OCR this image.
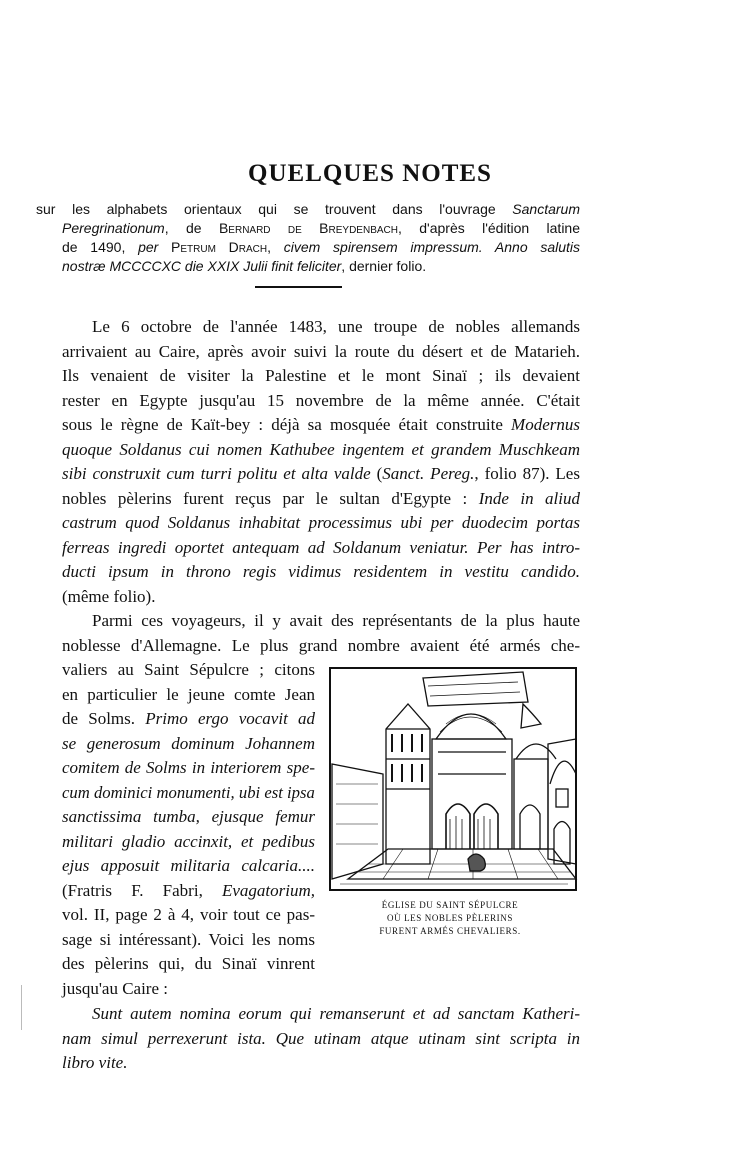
QUELQUES NOTES
sur les alphabets orientaux qui se trouvent dans l'ouvrage Sanctarum
Peregrinationum, de Bernard de Breydenbach, d'après l'édition latine
de 1490, per Petrum Drach, civem spirensem impressum. Anno salutis
nostræ MCCCCXC die XXIX Julii finit feliciter, dernier folio.
Le 6 octobre de l'année 1483, une troupe de nobles allemands
arrivaient au Caire, après avoir suivi la route du désert et de Matarieh.
Ils venaient de visiter la Palestine et le mont Sinaï ; ils devaient
rester en Egypte jusqu'au 15 novembre de la même année. C'était
sous le règne de Kaït-bey : déjà sa mosquée était construite Modernus
quoque Soldanus cui nomen Kathubee ingentem et grandem Muschkeam
sibi construxit cum turri politu et alta valde (Sanct. Pereg., folio 87). Les
nobles pèlerins furent reçus par le sultan d'Egypte : Inde in aliud
castrum quod Soldanus inhabitat processimus ubi per duodecim portas
ferreas ingredi oportet antequam ad Soldanum veniatur. Per has intro-
ducti ipsum in throno regis vidimus residentem in vestitu candido.
(même folio).
Parmi ces voyageurs, il y avait des représentants de la plus haute
noblesse d'Allemagne. Le plus grand nombre avaient été armés che-
valiers au Saint Sépulcre ; citons
en particulier le jeune comte Jean
de Solms. Primo ergo vocavit ad
se generosum dominum Johannem
comitem de Solms in interiorem spe-
cum dominici monumenti, ubi est ipsa
sanctissima tumba, ejusque femur
militari gladio accinxit, et pedibus
ejus apposuit militaria calcaria....
(Fratris F. Fabri, Evagatorium,
vol. II, page 2 à 4, voir tout ce pas-
sage si intéressant). Voici les noms
des pèlerins qui, du Sinaï vinrent
jusqu'au Caire :
Sunt autem nomina eorum qui remanserunt et ad sanctam Katheri-
nam simul perrexerunt ista. Que utinam atque utinam sint scripta in
libro vite.
ÉGLISE DU SAINT SÉPULCRE
OÙ LES NOBLES PÈLERINS
FURENT ARMÉS CHEVALIERS.
